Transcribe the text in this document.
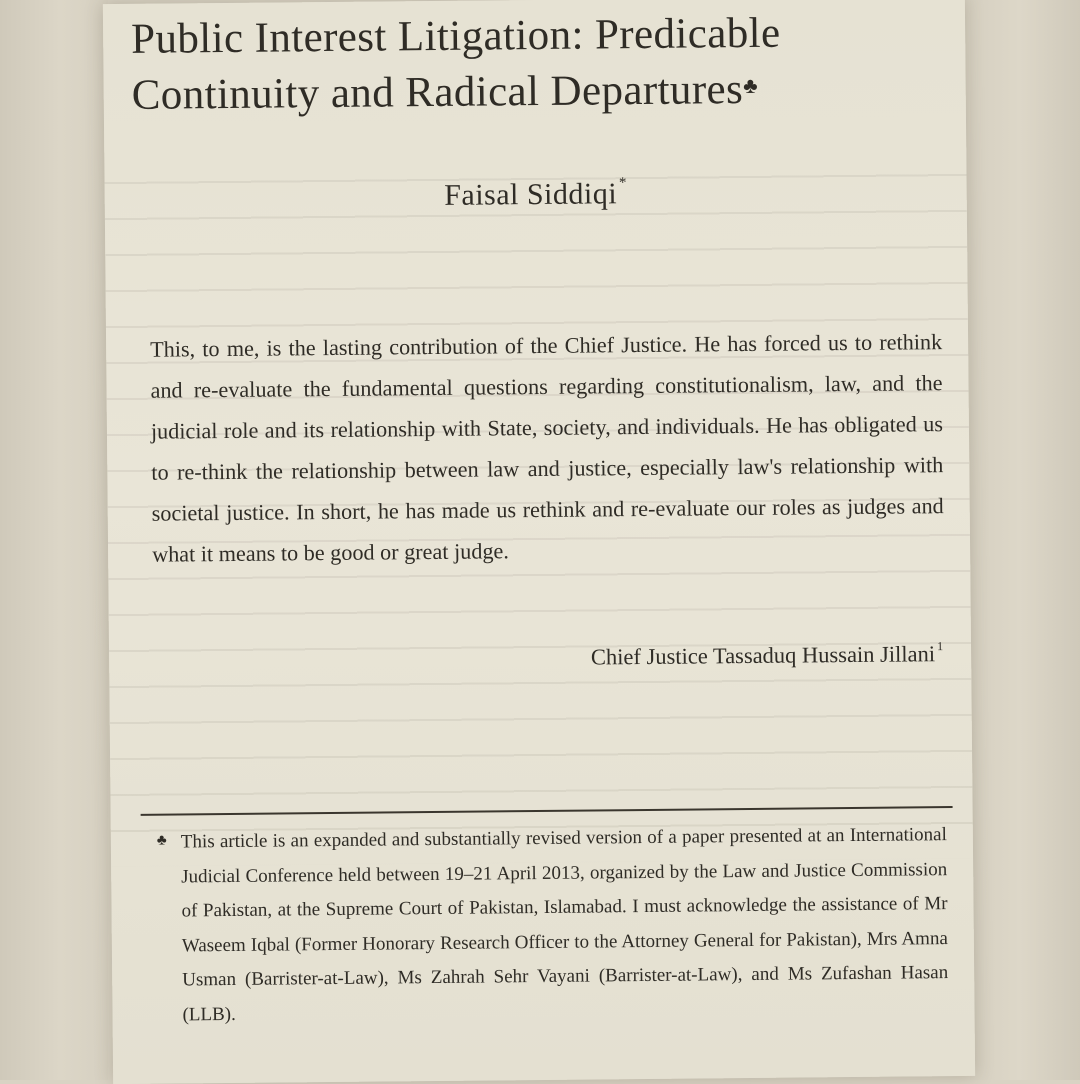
Public Interest Litigation: Predicable
Continuity and Radical Departures♣
Faisal Siddiqi *

This, to me, is the lasting contribution of the Chief Justice. He has forced us to rethink and re-evaluate the fundamental questions regarding constitutionalism, law, and the judicial role and its relationship with State, society, and individuals. He has obligated us to re-think the relationship between law and justice, especially law's relationship with societal justice. In short, he has made us rethink and re-evaluate our roles as judges and what it means to be good or great judge.

Chief Justice Tassaduq Hussain Jillani $^1$

♣ This article is an expanded and substantially revised version of a paper presented at an International Judicial Conference held between 19–21 April 2013, organized by the Law and Justice Commission of Pakistan, at the Supreme Court of Pakistan, Islamabad. I must acknowledge the assistance of Mr Waseem Iqbal (Former Honorary Research Officer to the Attorney General for Pakistan), Mrs Amna Usman (Barrister-at-Law), Ms Zahrah Sehr Vayani (Barrister-at-Law), and Ms Zufashan Hasan (LLB).
